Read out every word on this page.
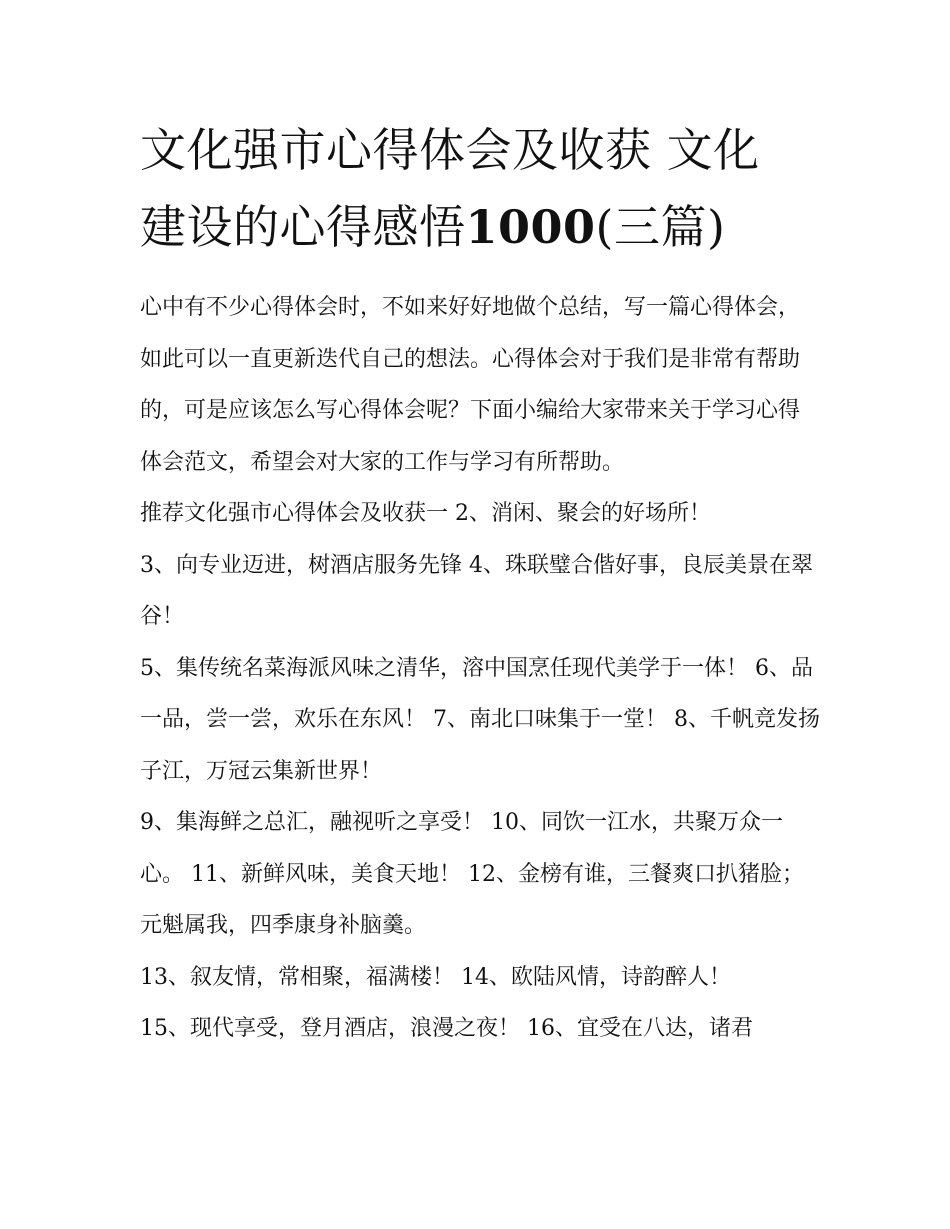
文化强市心得体会及收获 文化
建设的心得感悟1000(三篇)

心中有不少心得体会时，不如来好好地做个总结，写一篇心得体会，如此可以一直更新迭代自己的想法。心得体会对于我们是非常有帮助的，可是应该怎么写心得体会呢？下面小编给大家带来关于学习心得体会范文，希望会对大家的工作与学习有所帮助。

推荐文化强市心得体会及收获一 2、消闲、聚会的好场所！

3、向专业迈进，树酒店服务先锋 4、珠联璧合偕好事，良辰美景在翠谷！

5、集传统名菜海派风味之清华，溶中国烹任现代美学于一体！ 6、品一品，尝一尝，欢乐在东风！ 7、南北口味集于一堂！ 8、千帆竞发扬子江，万冠云集新世界！

9、集海鲜之总汇，融视听之享受！ 10、同饮一江水，共聚万众一心。 11、新鲜风味，美食天地！ 12、金榜有谁，三餐爽口扒猪脸；元魁属我，四季康身补脑羹。

13、叙友情，常相聚，福满楼！ 14、欧陆风情，诗韵醉人！

15、现代享受，登月酒店，浪漫之夜！ 16、宜受在八达，诸君
